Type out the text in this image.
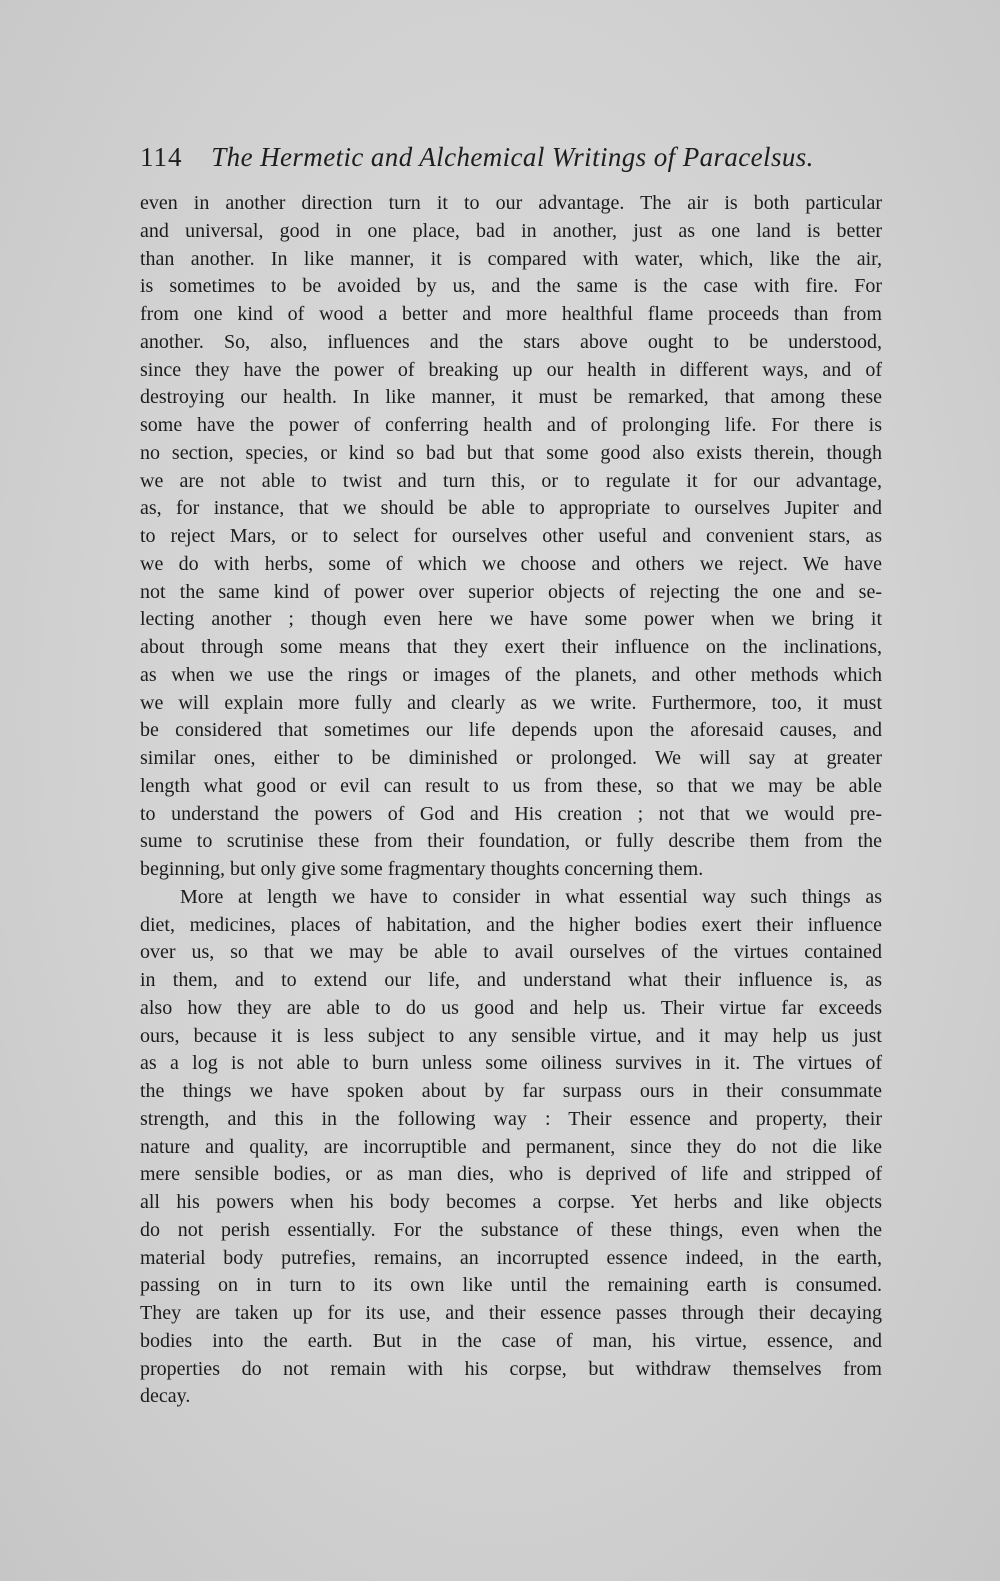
114 The Hermetic and Alchemical Writings of Paracelsus.
even in another direction turn it to our advantage. The air is both particular
and universal, good in one place, bad in another, just as one land is better
than another. In like manner, it is compared with water, which, like the air,
is sometimes to be avoided by us, and the same is the case with fire. For
from one kind of wood a better and more healthful flame proceeds than from
another. So, also, influences and the stars above ought to be understood,
since they have the power of breaking up our health in different ways, and of
destroying our health. In like manner, it must be remarked, that among these
some have the power of conferring health and of prolonging life. For there is
no section, species, or kind so bad but that some good also exists therein, though
we are not able to twist and turn this, or to regulate it for our advantage,
as, for instance, that we should be able to appropriate to ourselves Jupiter and
to reject Mars, or to select for ourselves other useful and convenient stars, as
we do with herbs, some of which we choose and others we reject. We have
not the same kind of power over superior objects of rejecting the one and se-
lecting another ; though even here we have some power when we bring it
about through some means that they exert their influence on the inclinations,
as when we use the rings or images of the planets, and other methods which
we will explain more fully and clearly as we write. Furthermore, too, it must
be considered that sometimes our life depends upon the aforesaid causes, and
similar ones, either to be diminished or prolonged. We will say at greater
length what good or evil can result to us from these, so that we may be able
to understand the powers of God and His creation ; not that we would pre-
sume to scrutinise these from their foundation, or fully describe them from the
beginning, but only give some fragmentary thoughts concerning them.
More at length we have to consider in what essential way such things as
diet, medicines, places of habitation, and the higher bodies exert their influence
over us, so that we may be able to avail ourselves of the virtues contained
in them, and to extend our life, and understand what their influence is, as
also how they are able to do us good and help us. Their virtue far exceeds
ours, because it is less subject to any sensible virtue, and it may help us just
as a log is not able to burn unless some oiliness survives in it. The virtues of
the things we have spoken about by far surpass ours in their consummate
strength, and this in the following way : Their essence and property, their
nature and quality, are incorruptible and permanent, since they do not die like
mere sensible bodies, or as man dies, who is deprived of life and stripped of
all his powers when his body becomes a corpse. Yet herbs and like objects
do not perish essentially. For the substance of these things, even when the
material body putrefies, remains, an incorrupted essence indeed, in the earth,
passing on in turn to its own like until the remaining earth is consumed.
They are taken up for its use, and their essence passes through their decaying
bodies into the earth. But in the case of man, his virtue, essence, and
properties do not remain with his corpse, but withdraw themselves from
decay.
